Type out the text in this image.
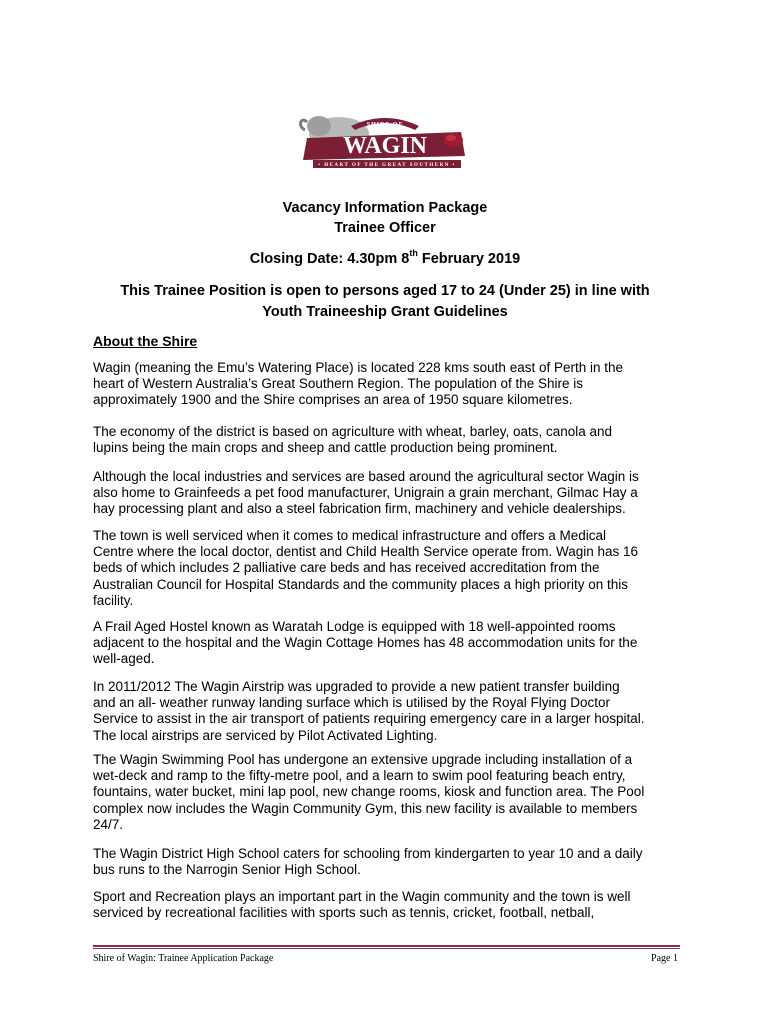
SHIRE OF
WAGIN
• HEART OF THE GREAT SOUTHERN •
Vacancy Information Package
Trainee Officer
Closing Date: 4.30pm 8th February 2019
This Trainee Position is open to persons aged 17 to 24 (Under 25) in line with
Youth Traineeship Grant Guidelines
About the Shire
Wagin (meaning the Emu’s Watering Place) is located 228 kms south east of Perth in the
heart of Western Australia’s Great Southern Region. The population of the Shire is
approximately 1900 and the Shire comprises an area of 1950 square kilometres.
The economy of the district is based on agriculture with wheat, barley, oats, canola and
lupins being the main crops and sheep and cattle production being prominent.
Although the local industries and services are based around the agricultural sector Wagin is
also home to Grainfeeds a pet food manufacturer, Unigrain a grain merchant, Gilmac Hay a
hay processing plant and also a steel fabrication firm, machinery and vehicle dealerships.
The town is well serviced when it comes to medical infrastructure and offers a Medical
Centre where the local doctor, dentist and Child Health Service operate from. Wagin has 16
beds of which includes 2 palliative care beds and has received accreditation from the
Australian Council for Hospital Standards and the community places a high priority on this
facility.
A Frail Aged Hostel known as Waratah Lodge is equipped with 18 well-appointed rooms
adjacent to the hospital and the Wagin Cottage Homes has 48 accommodation units for the
well-aged.
In 2011/2012 The Wagin Airstrip was upgraded to provide a new patient transfer building
and an all- weather runway landing surface which is utilised by the Royal Flying Doctor
Service to assist in the air transport of patients requiring emergency care in a larger hospital.
The local airstrips are serviced by Pilot Activated Lighting.
The Wagin Swimming Pool has undergone an extensive upgrade including installation of a
wet-deck and ramp to the fifty-metre pool, and a learn to swim pool featuring beach entry,
fountains, water bucket, mini lap pool, new change rooms, kiosk and function area. The Pool
complex now includes the Wagin Community Gym, this new facility is available to members
24/7.
The Wagin District High School caters for schooling from kindergarten to year 10 and a daily
bus runs to the Narrogin Senior High School.
Sport and Recreation plays an important part in the Wagin community and the town is well
serviced by recreational facilities with sports such as tennis, cricket, football, netball,
Shire of Wagin: Trainee Application Package	Page 1
